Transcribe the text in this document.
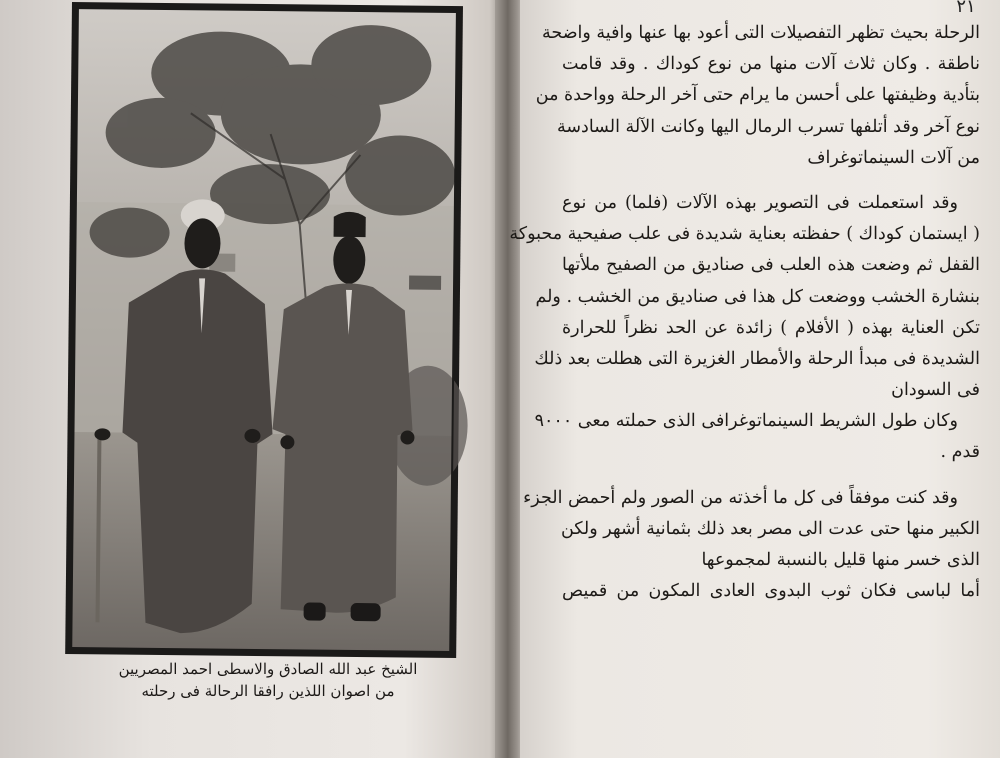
الشيخ عبد الله الصادق والاسطى احمد المصريين
من اصوان اللذين رافقا الرحالة فى رحلته
٢١
الرحلة بحيث تظهر التفصيلات التى أعود بها عنها وافية واضحة
ناطقة . وكان ثلاث آلات منها من نوع كوداك . وقد قامت
بتأدية وظيفتها على أحسن ما يرام حتى آخر الرحلة وواحدة من
نوع آخر وقد أتلفها تسرب الرمال اليها وكانت الآلة السادسة
من آلات السينماتوغراف
وقد استعملت فى التصوير بهذه الآلات (فلما) من نوع
( ايستمان كوداك ) حفظته بعناية شديدة فى علب صفيحية محبوكة
القفل ثم وضعت هذه العلب فى صناديق من الصفيح ملأتها
بنشارة الخشب ووضعت كل هذا فى صناديق من الخشب . ولم
تكن العناية بهذه ( الأفلام ) زائدة عن الحد نظراً للحرارة
الشديدة فى مبدأ الرحلة والأمطار الغزيرة التى هطلت بعد ذلك
فى السودان
وكان طول الشريط السينماتوغرافى الذى حملته معى ٩٠٠٠
قدم .
وقد كنت موفقاً فى كل ما أخذته من الصور ولم أحمض الجزء
الكبير منها حتى عدت الى مصر بعد ذلك بثمانية أشهر ولكن
الذى خسر منها قليل بالنسبة لمجموعها
أما لباسى فكان ثوب البدوى العادى المكون من قميص
